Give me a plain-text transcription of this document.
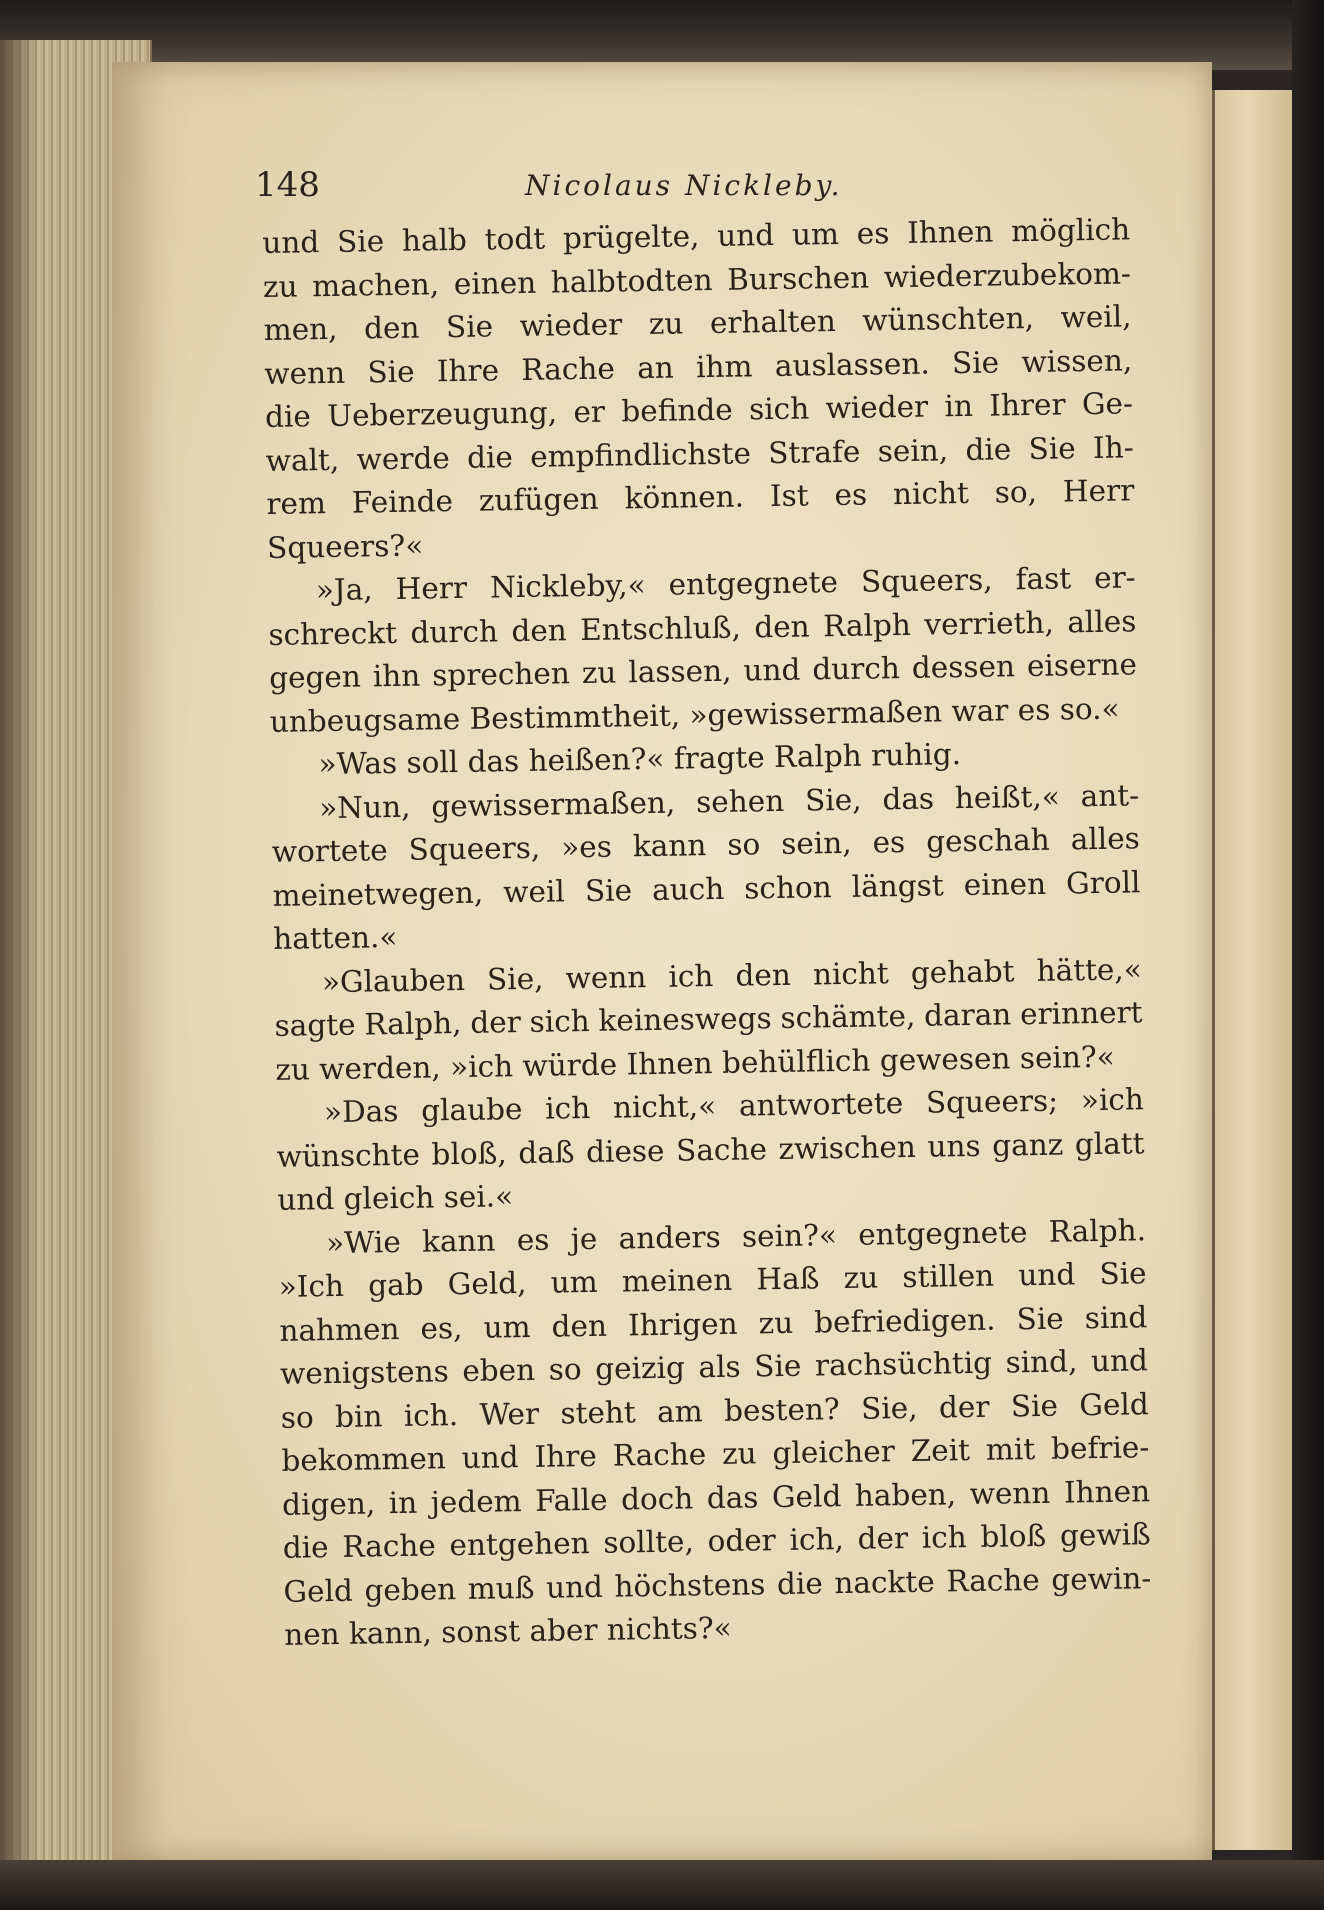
148	Nicolaus Nickleby.
und Sie halb todt prügelte, und um es Ihnen möglich
zu machen, einen halbtodten Burschen wiederzubekom-
men, den Sie wieder zu erhalten wünschten, weil,
wenn Sie Ihre Rache an ihm auslassen. Sie wissen,
die Ueberzeugung, er befinde sich wieder in Ihrer Ge-
walt, werde die empfindlichste Strafe sein, die Sie Ih-
rem Feinde zufügen können. Ist es nicht so, Herr
Squeers?«
»Ja, Herr Nickleby,« entgegnete Squeers, fast er-
schreckt durch den Entschluß, den Ralph verrieth, alles
gegen ihn sprechen zu lassen, und durch dessen eiserne
unbeugsame Bestimmtheit, »gewissermaßen war es so.«
»Was soll das heißen?« fragte Ralph ruhig.
»Nun, gewissermaßen, sehen Sie, das heißt,« ant-
wortete Squeers, »es kann so sein, es geschah alles
meinetwegen, weil Sie auch schon längst einen Groll
hatten.«
»Glauben Sie, wenn ich den nicht gehabt hätte,«
sagte Ralph, der sich keineswegs schämte, daran erinnert
zu werden, »ich würde Ihnen behülflich gewesen sein?«
»Das glaube ich nicht,« antwortete Squeers; »ich
wünschte bloß, daß diese Sache zwischen uns ganz glatt
und gleich sei.«
»Wie kann es je anders sein?« entgegnete Ralph.
»Ich gab Geld, um meinen Haß zu stillen und Sie
nahmen es, um den Ihrigen zu befriedigen. Sie sind
wenigstens eben so geizig als Sie rachsüchtig sind, und
so bin ich. Wer steht am besten? Sie, der Sie Geld
bekommen und Ihre Rache zu gleicher Zeit mit befrie-
digen, in jedem Falle doch das Geld haben, wenn Ihnen
die Rache entgehen sollte, oder ich, der ich bloß gewiß
Geld geben muß und höchstens die nackte Rache gewin-
nen kann, sonst aber nichts?«
